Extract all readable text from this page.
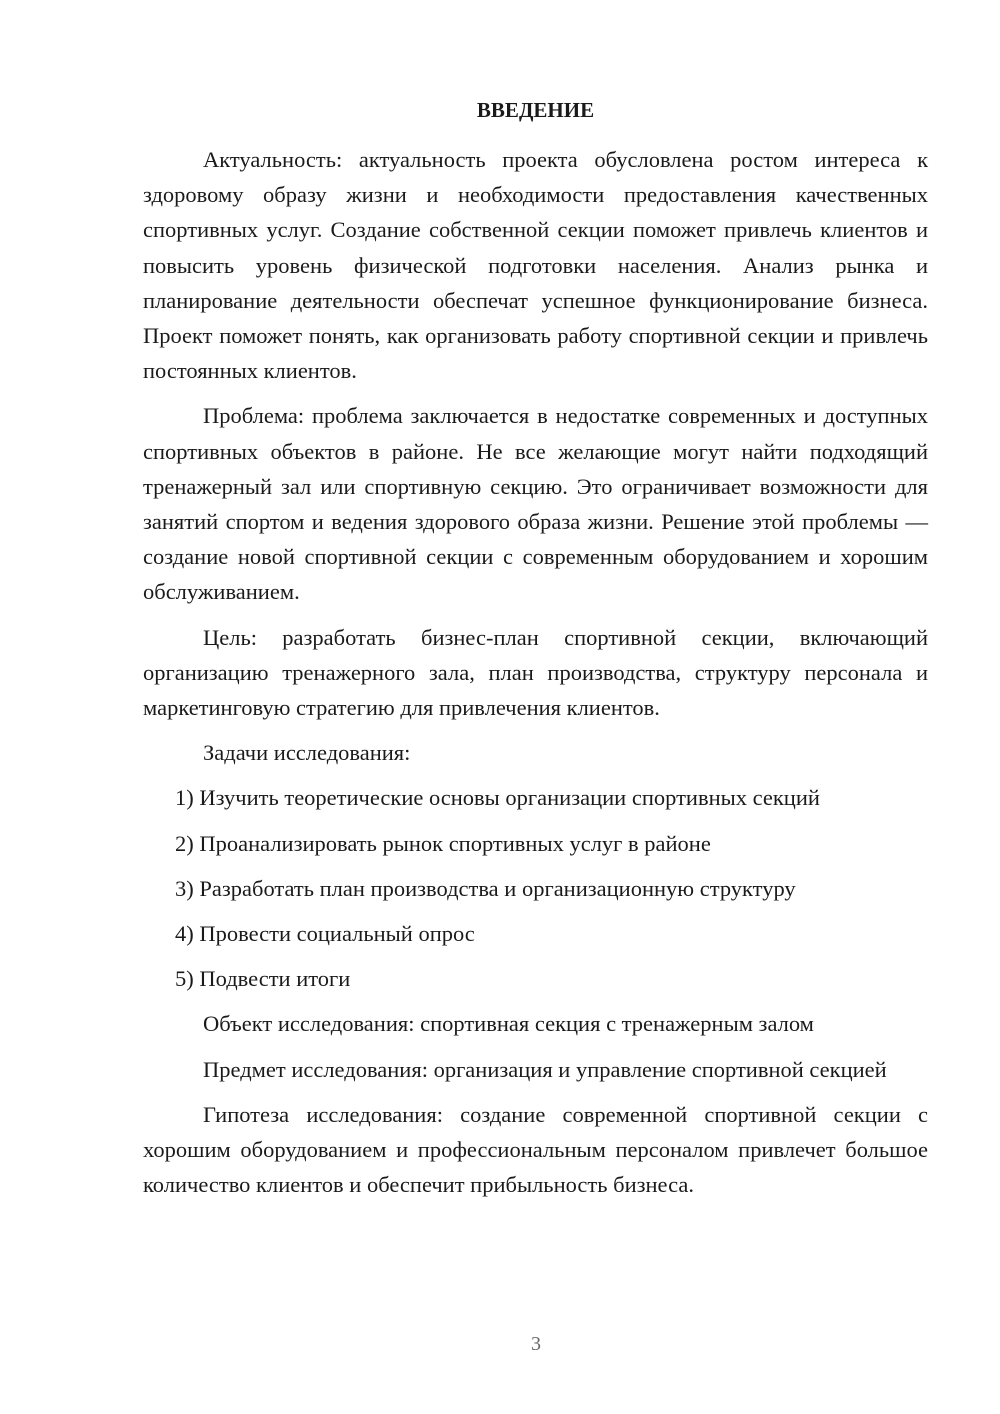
ВВЕДЕНИЕ

Актуальность: актуальность проекта обусловлена ростом интереса к здоровому образу жизни и необходимости предоставления качественных спортивных услуг. Создание собственной секции поможет привлечь клиентов и повысить уровень физической подготовки населения. Анализ рынка и планирование деятельности обеспечат успешное функционирование бизнеса. Проект поможет понять, как организовать работу спортивной секции и привлечь постоянных клиентов.

Проблема: проблема заключается в недостатке современных и доступных спортивных объектов в районе. Не все желающие могут найти подходящий тренажерный зал или спортивную секцию. Это ограничивает возможности для занятий спортом и ведения здорового образа жизни. Решение этой проблемы — создание новой спортивной секции с современным оборудованием и хорошим обслуживанием.

Цель: разработать бизнес-план спортивной секции, включающий организацию тренажерного зала, план производства, структуру персонала и маркетинговую стратегию для привлечения клиентов.

Задачи исследования:

1) Изучить теоретические основы организации спортивных секций
2) Проанализировать рынок спортивных услуг в районе
3) Разработать план производства и организационную структуру
4) Провести социальный опрос
5) Подвести итоги

Объект исследования: спортивная секция с тренажерным залом

Предмет исследования: организация и управление спортивной секцией

Гипотеза исследования: создание современной спортивной секции с хорошим оборудованием и профессиональным персоналом привлечет большое количество клиентов и обеспечит прибыльность бизнеса.

3
